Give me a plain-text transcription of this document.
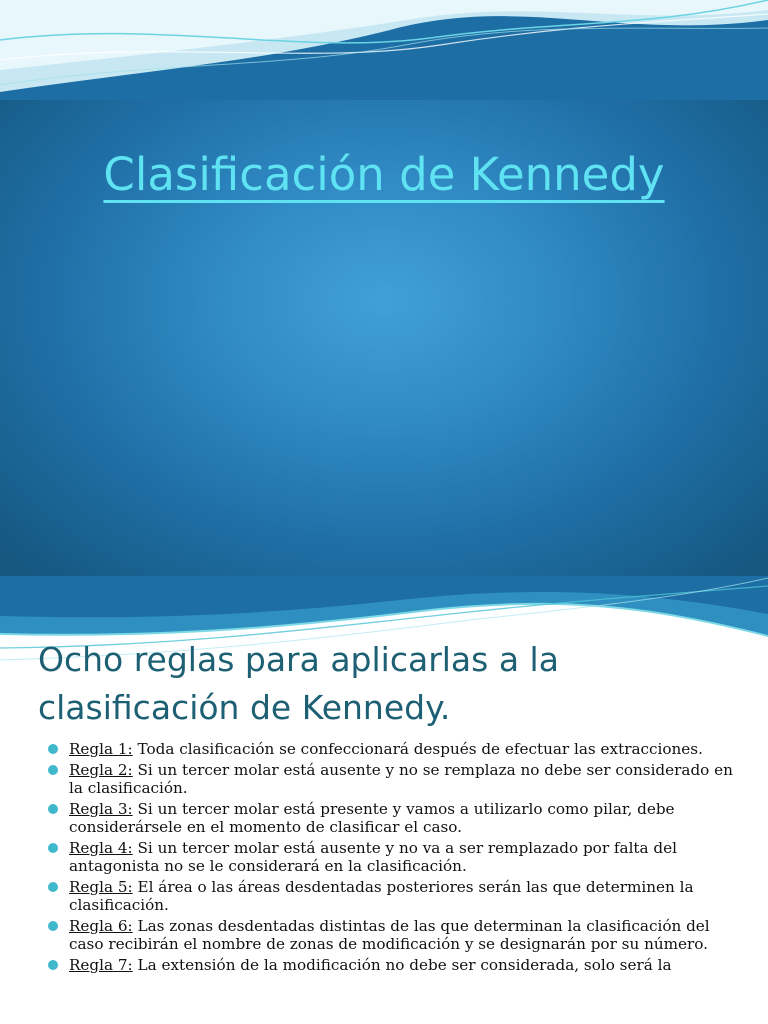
Clasificación de Kennedy
Ocho reglas para aplicarlas a la clasificación de Kennedy.
Regla 1: Toda clasificación se confeccionará después de efectuar las extracciones.
Regla 2: Si un tercer molar está ausente y no se remplaza no debe ser considerado en la clasificación.
Regla 3: Si un tercer molar está presente y vamos a utilizarlo como pilar, debe considerársele en el momento de clasificar el caso.
Regla 4: Si un tercer molar está ausente y no va a ser remplazado por falta del antagonista no se le considerará en la clasificación.
Regla 5: El área o las áreas desdentadas posteriores serán las que determinen la clasificación.
Regla 6: Las zonas desdentadas distintas de las que determinan la clasificación del caso recibirán el nombre de zonas de modificación y se designarán por su número.
Regla 7: La extensión de la modificación no debe ser considerada, solo será la
